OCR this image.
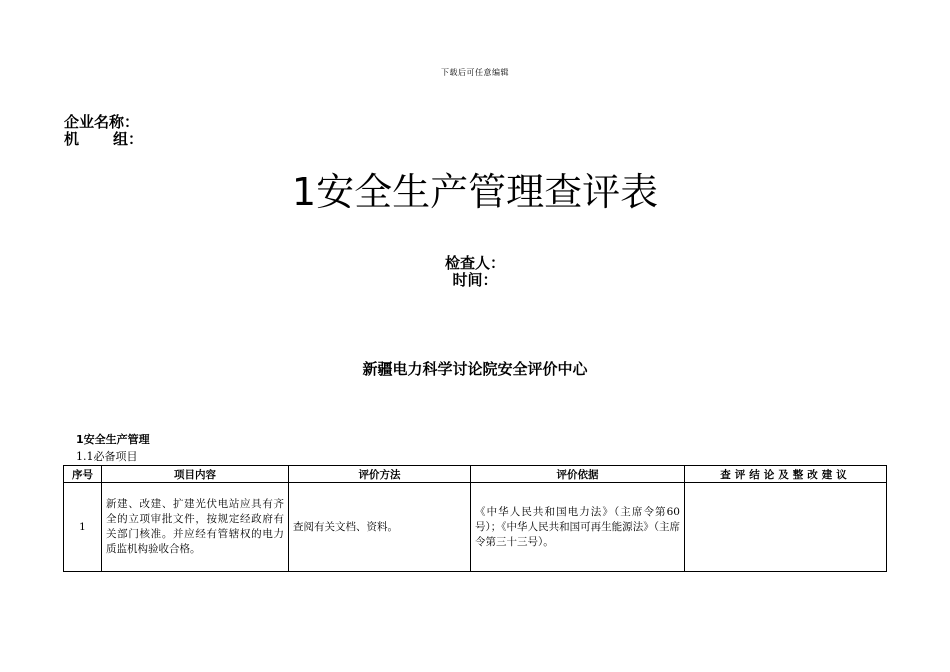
下载后可任意编辑
企业名称：
机 组：
1安全生产管理查评表
检查人：
时间：
新疆电力科学讨论院安全评价中心
1安全生产管理
1.1必备项目
序号	项目内容	评价方法	评价依据	查评结论及整改建议
1	新建、改建、扩建光伏电站应具有齐全的立项审批文件，按规定经政府有关部门核准。并应经有管辖权的电力质监机构验收合格。	查阅有关文档、资料。	《中华人民共和国电力法》（主席令第60号）；《中华人民共和国可再生能源法》（主席令第三十三号）。	
